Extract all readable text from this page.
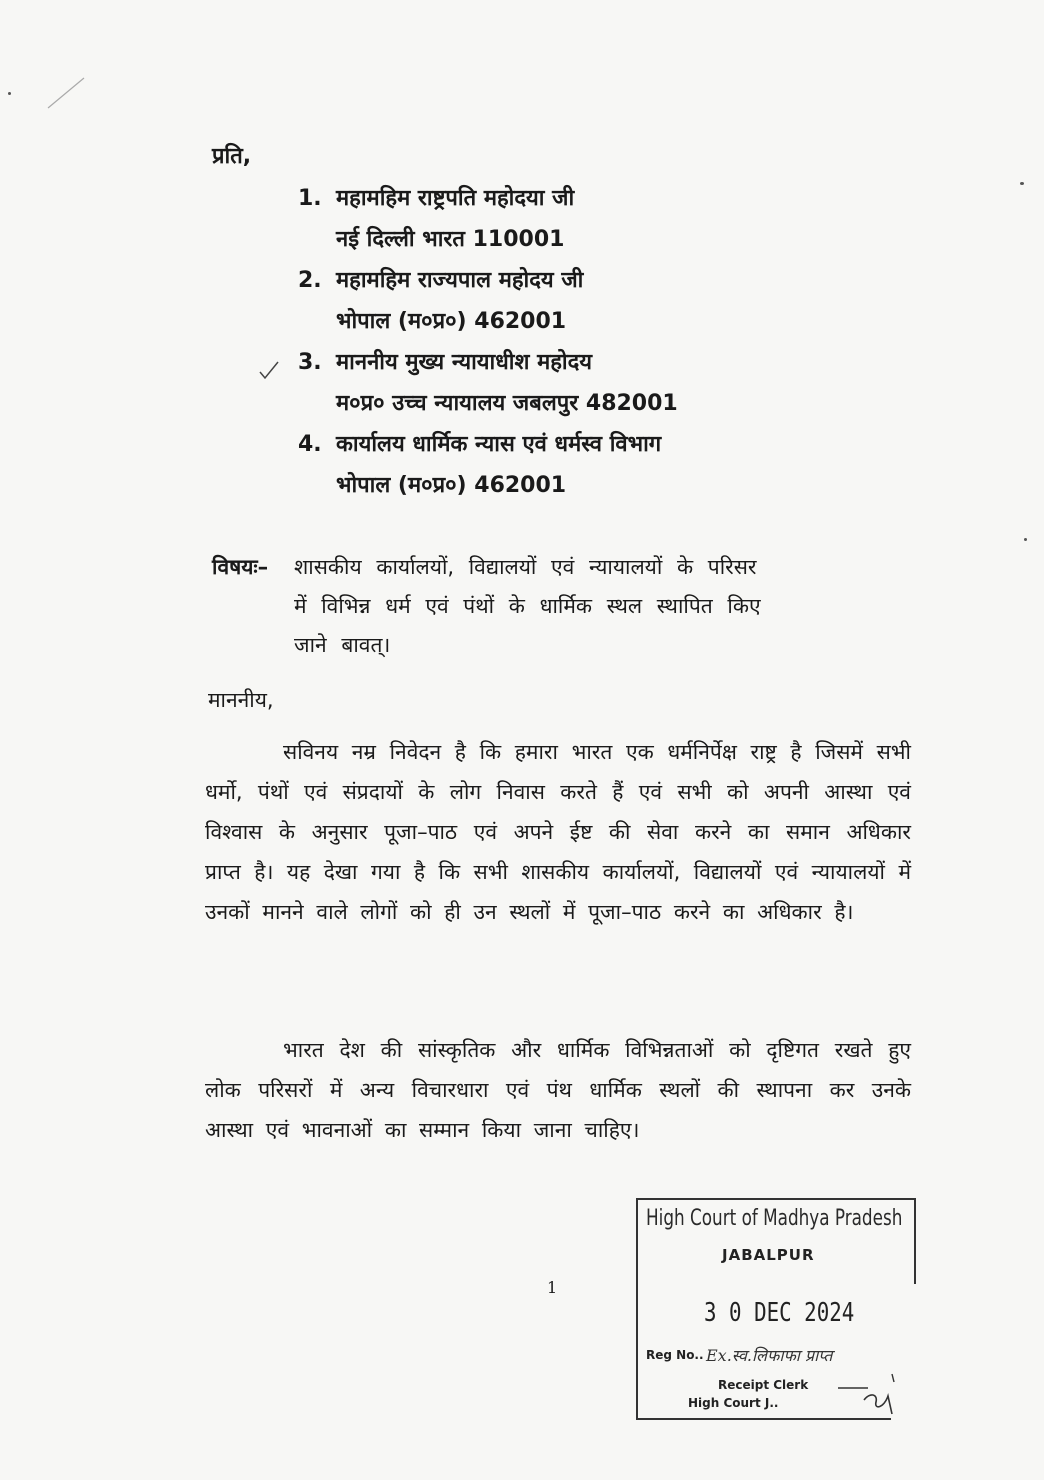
प्रति,
1. महामहिम राष्ट्रपति महोदया जी
नई दिल्ली भारत 110001
2. महामहिम राज्यपाल महोदय जी
भोपाल (म०प्र०) 462001
3. माननीय मुख्य न्यायाधीश महोदय
म०प्र० उच्च न्यायालय जबलपुर 482001
4. कार्यालय धार्मिक न्यास एवं धर्मस्व विभाग
भोपाल (म०प्र०) 462001
विषयः– शासकीय कार्यालयों, विद्यालयों एवं न्यायालयों के परिसर
में विभिन्न धर्म एवं पंथों के धार्मिक स्थल स्थापित किए
जाने बावत्।
माननीय,
सविनय नम्र निवेदन है कि हमारा भारत एक धर्मनिर्पेक्ष राष्ट्र है जिसमें सभी धर्मो, पंथों एवं संप्रदायों के लोग निवास करते हैं एवं सभी को अपनी आस्था एवं विश्वास के अनुसार पूजा–पाठ एवं अपने ईष्ट की सेवा करने का समान अधिकार प्राप्त है। यह देखा गया है कि सभी शासकीय कार्यालयों, विद्यालयों एवं न्यायालयों में उनकों मानने वाले लोगों को ही उन स्थलों में पूजा–पाठ करने का अधिकार है।
भारत देश की सांस्कृतिक और धार्मिक विभिन्नताओं को दृष्टिगत रखते हुए लोक परिसरों में अन्य विचारधारा एवं पंथ धार्मिक स्थलों की स्थापना कर उनके आस्था एवं भावनाओं का सम्मान किया जाना चाहिए।
1
High Court of Madhya Pradesh
JABALPUR
3 0 DEC 2024
Reg No.. Ex.स्व.लिफाफा प्राप्त
Receipt Clerk
High Court J..
